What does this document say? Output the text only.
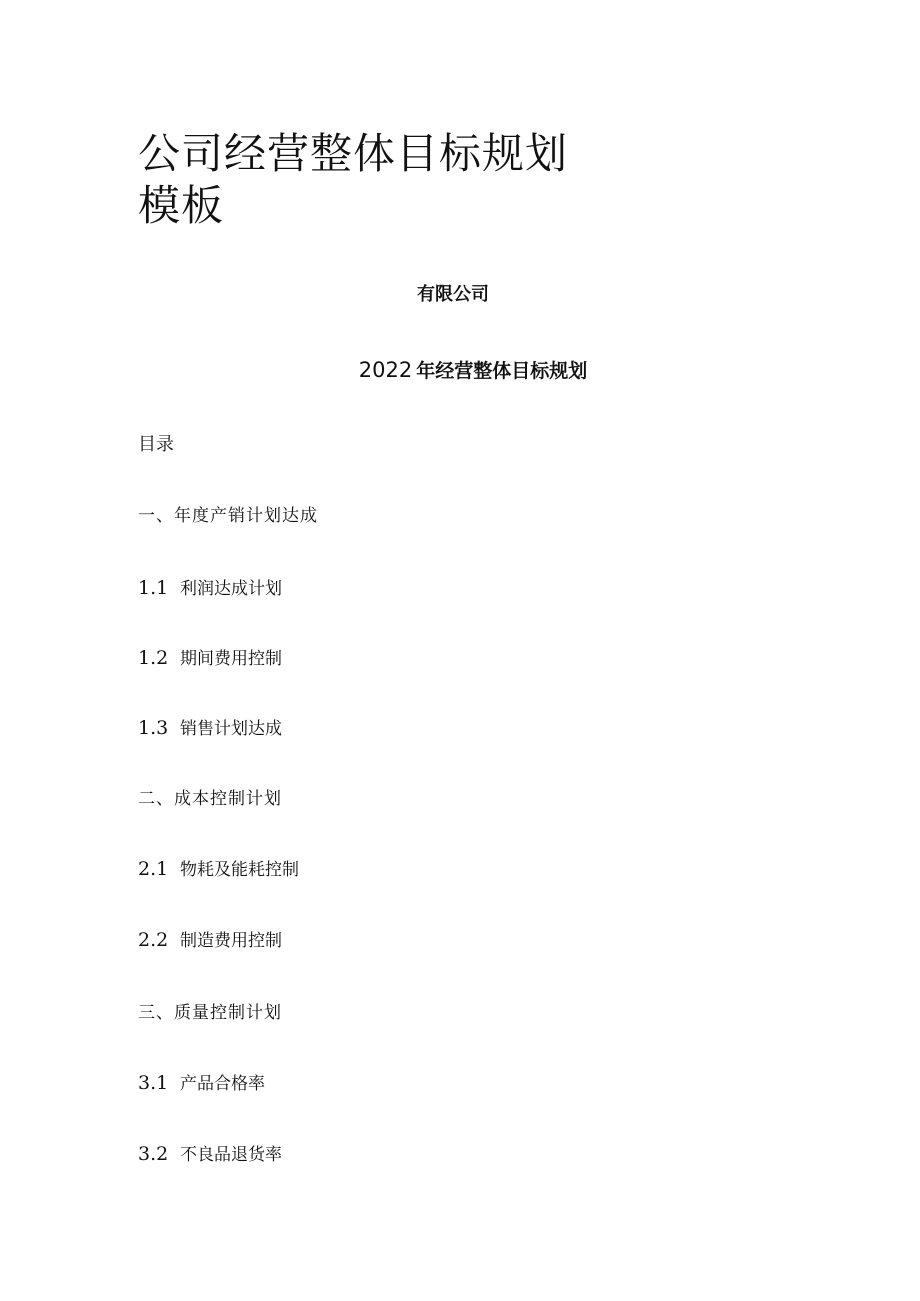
公司经营整体目标规划
模板
有限公司
2022 年经营整体目标规划
目录
一、年度产销计划达成
1.1 利润达成计划
1.2 期间费用控制
1.3 销售计划达成
二、成本控制计划
2.1 物耗及能耗控制
2.2 制造费用控制
三、质量控制计划
3.1 产品合格率
3.2 不良品退货率
